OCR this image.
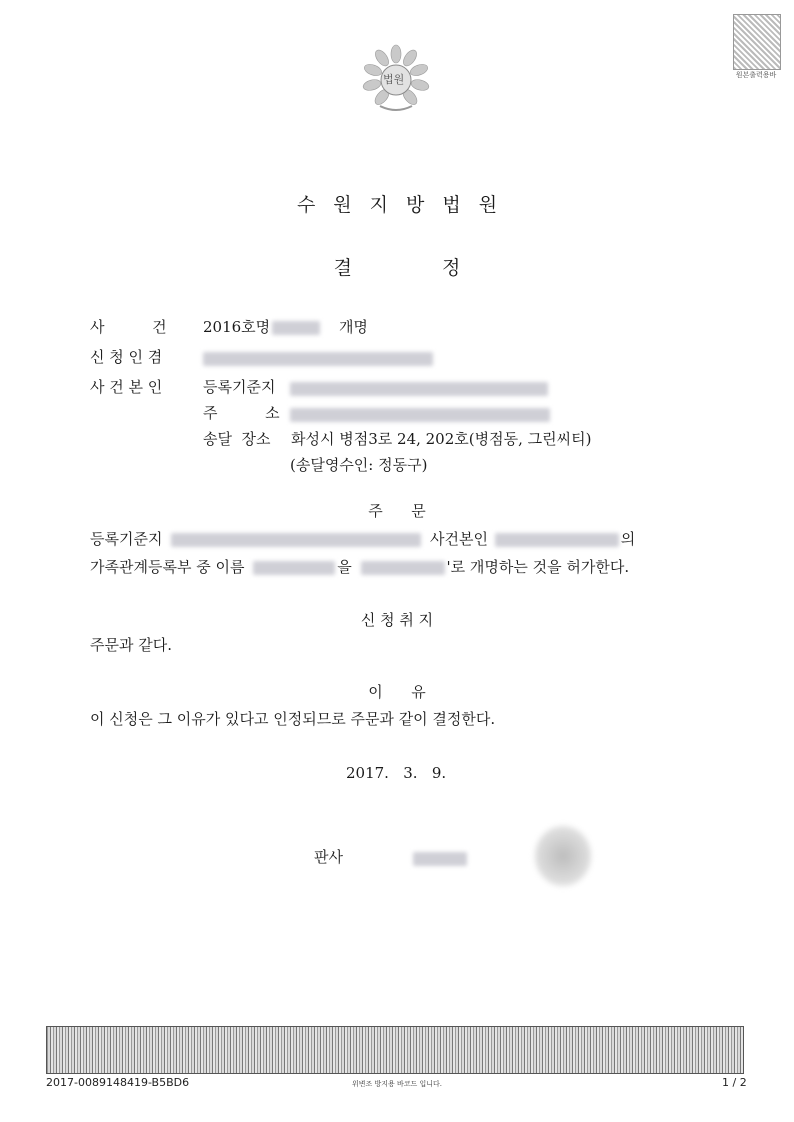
법원	원본출력용바
수원지방법원
결정
사          건 2016호명	개명
신 청 인 겸
사 건 본 인	등록기준지
주          소
송달  장소 화성시 병점3로 24, 202호(병점동, 그린씨티)
(송달영수인: 정동구)
주      문
등록기준지	사건본인	의
가족관계등록부 중 이름	을	'로 개명하는 것을 허가한다.
신 청 취 지
주문과 같다.
이      유
이 신청은 그 이유가 있다고 인정되므로 주문과 같이 결정한다.
2017.   3.   9.
판사
2017-0089148419-B5BD6	위변조 방지용 바코드 입니다.	1 / 2
